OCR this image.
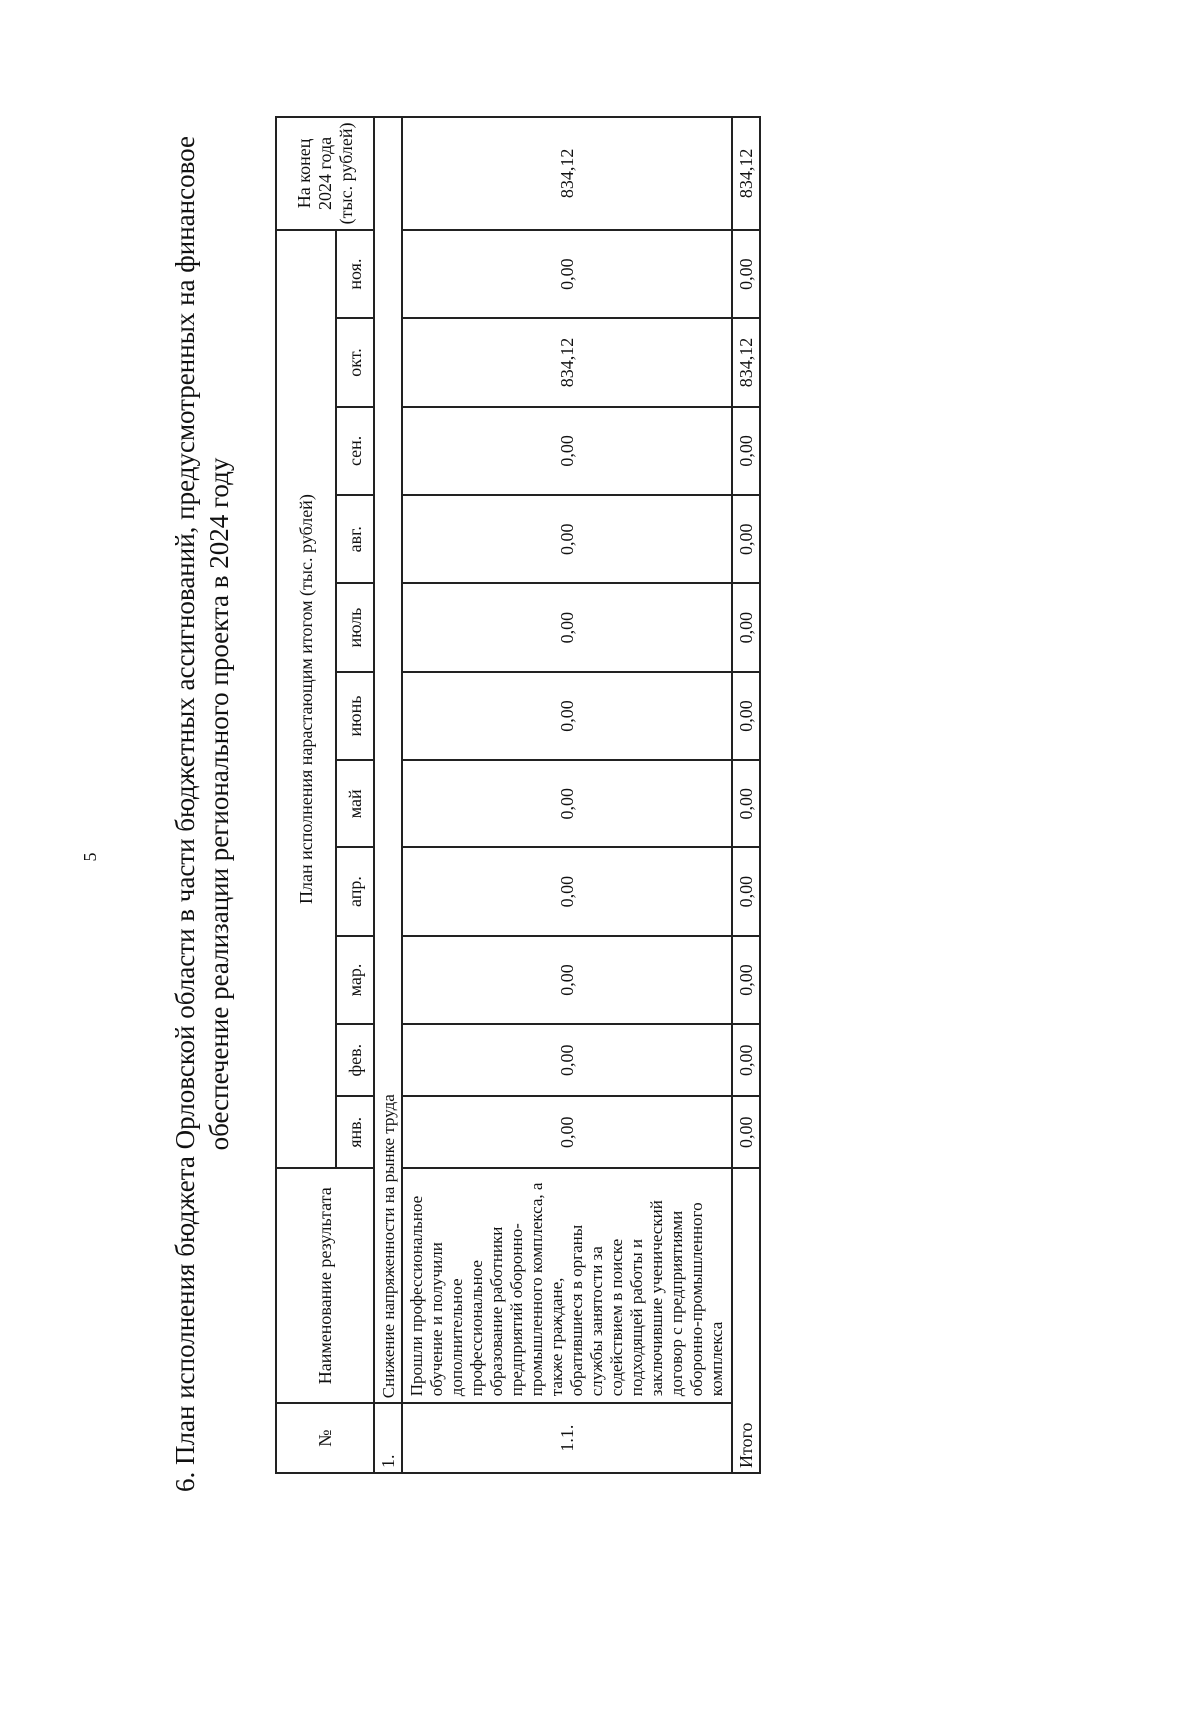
5	6. План исполнения бюджета Орловской области в части бюджетных ассигнований, предусмотренных на финансовое обеспечение реализации регионального проекта в 2024 году
№	Наименование результата	План исполнения нарастающим итогом (тыс. рублей)											На конец 2024 года (тыс. рублей)
		янв.	фев.	мар.	апр.	май	июнь	июль	авг.	сен.	окт.	ноя.	
1.	Снижение напряженности на рынке труда												
1.1.	Прошли профессиональное обучение и получили дополнительное профессиональное образование работники предприятий оборонно-промышленного комплекса, а также граждане, обратившиеся в органы службы занятости за содействием в поиске подходящей работы и заключившие ученический договор с предприятиями оборонно-промышленного комплекса	0,00	0,00	0,00	0,00	0,00	0,00	0,00	0,00	0,00	834,12	0,00	834,12
Итого		0,00	0,00	0,00	0,00	0,00	0,00	0,00	0,00	0,00	834,12	0,00	834,12
